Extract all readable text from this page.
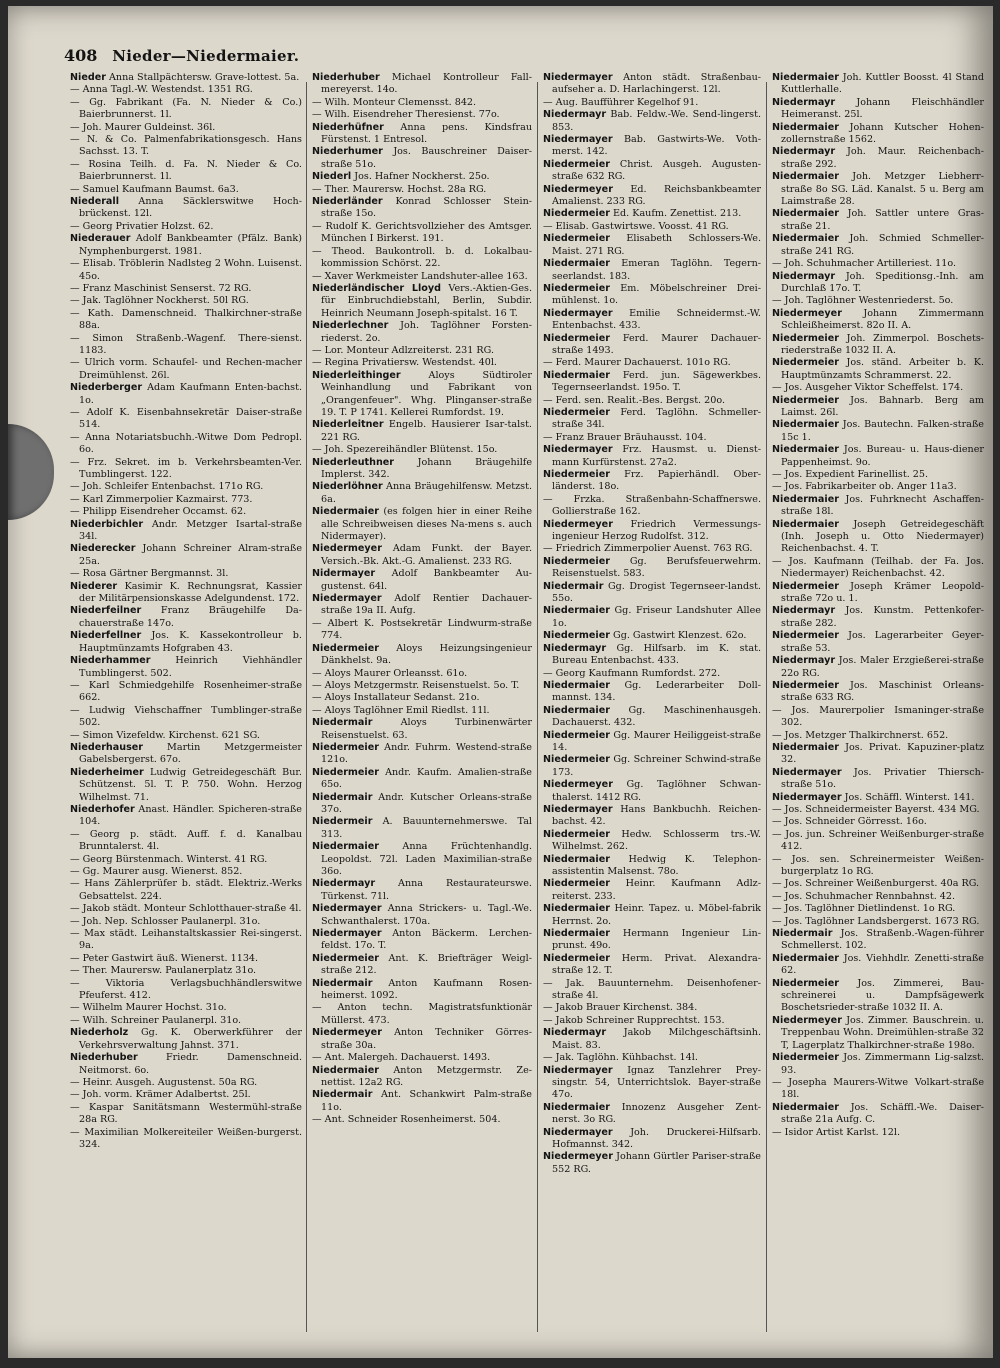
408 Nieder—Niedermaier.

Nieder Anna Stallpächtersw. Grave-lottest. 5a.

— Anna Tagl.-W. Westendst. 1351 RG.

— Gg. Fabrikant (Fa. N. Nieder & Co.) Baierbrunnerst. 1l.

— Joh. Maurer Guldeinst. 36l.

— N. & Co. Palmenfabrikationsgesch. Hans Sachsst. 13. T.

— Rosina Teilh. d. Fa. N. Nieder & Co. Baierbrunnerst. 1l.

— Samuel Kaufmann Baumst. 6a3.

Niederall Anna Säcklerswitwe Hoch-brückenst. 12l.

— Georg Privatier Holzst. 62.

Niederauer Adolf Bankbeamter (Pfälz. Bank) Nymphenburgerst. 1981.

— Elisab. Tröblerin Nadlsteg 2 Wohn. Luisenst. 45o.

— Franz Maschinist Senserst. 72 RG.

— Jak. Taglöhner Nockherst. 50l RG.

— Kath. Damenschneid. Thalkirchner-straße 88a.

— Simon Straßenb.-Wagenf. There-sienst. 1183.

— Ulrich vorm. Schaufel- und Rechen-macher Dreimühlenst. 26l.

Niederberger Adam Kaufmann Enten-bachst. 1o.

— Adolf K. Eisenbahnsekretär Daiser-straße 514.

— Anna Notariatsbuchh.-Witwe Dom Pedropl. 6o.

— Frz. Sekret. im b. Verkehrsbeamten-Ver. Tumblingerst. 122.

— Joh. Schleifer Entenbachst. 171o RG.

— Karl Zimmerpolier Kazmairst. 773.

— Philipp Eisendreher Occamst. 62.

Niederbichler Andr. Metzger Isartal-straße 34l.

Niederecker Johann Schreiner Alram-straße 25a.

— Rosa Gärtner Bergmannst. 3l.

Niederer Kasimir K. Rechnungsrat, Kassier der Militärpensionskasse Adelgundenst. 172.

Niederfeilner Franz Bräugehilfe Da-chauerstraße 147o.

Niederfellner Jos. K. Kassekontrolleur b. Hauptmünzamts Hofgraben 43.

Niederhammer	Heinrich Viehhändler Tumblingerst. 502.

— Karl Schmiedgehilfe Rosenheimer-straße 662.

— Ludwig Viehschaffner Tumblinger-straße 502.

— Simon Vizefeldw. Kirchenst. 621 SG.

Niederhauser	Martin Metzgermeister Gabelsbergerst. 67o.

Niederheimer Ludwig Getreidegeschäft Bur. Schützenst. 5l. T. P. 750. Wohn. Herzog Wilhelmst. 71.

Niederhofer Anast. Händler. Spicheren-straße 104.

— Georg p. städt. Auff. f. d. Kanalbau Brunntalerst. 4l.

— Georg Bürstenmach. Winterst. 41 RG.

— Gg. Maurer ausg. Wienerst. 852.

— Hans Zählerprüfer b. städt. Elektriz.-Werks Gebsattelst. 224.

— Jakob städt. Monteur Schlotthauer-straße 4l.

— Joh. Nep. Schlosser Paulanerpl. 31o.

— Max städt. Leihanstaltskassier Rei-singerst. 9a.

— Peter Gastwirt äuß. Wienerst. 1134.

— Ther. Maurersw. Paulanerplatz 31o.

— Viktoria Verlagsbuchhändlerswitwe Pfeuferst. 412.

— Wilhelm Maurer Hochst. 31o.

— Wilh. Schreiner Paulanerpl. 31o.

Niederholz Gg. K. Oberwerkführer der Verkehrsverwaltung Jahnst. 371.

Niederhuber	Friedr. Damenschneid. Neitmorst. 6o.

— Heinr. Ausgeh. Augustenst. 50a RG.

— Joh. vorm. Krämer Adalbertst. 25l.

— Kaspar Sanitätsmann Westermühl-straße 28a RG.

— Maximilian Molkereiteiler Weißen-burgerst. 324.

Niederhuber Michael Kontrolleur Fall-mereyerst. 14o.

— Wilh. Monteur Clemensst. 842.

— Wilh. Eisendreher Theresienst. 77o.

Niederhüfner Anna pens. Kindsfrau Fürstenst. 1 Entresol.

Niederhumer Jos. Bauschreiner Daiser-straße 51o.

Niederl Jos. Hafner Nockherst. 25o.

— Ther. Maurersw. Hochst. 28a RG.

Niederländer Konrad Schlosser Stein-straße 15o.

— Rudolf K. Gerichtsvollzieher des Amtsger. München I Birkerst. 191.

— Theod. Baukontroll. b. d. Lokalbau-kommission Schörst. 22.

— Xaver Werkmeister Landshuter-allee 163.

Niederländischer Lloyd Vers.-Aktien-Ges. für Einbruchdiebstahl, Berlin, Subdir. Heinrich Neumann Joseph-spitalst. 16 T.

Niederlechner Joh. Taglöhner Forsten-riederst. 2o.

— Lor. Monteur Adlzreiterst. 231 RG.

— Regina Privatiersw. Westendst. 40l.

Niederleithinger	Aloys Südtiroler Weinhandlung und Fabrikant von „Orangenfeuer". Whg. Plinganser-straße 19. T. P 1741. Kellerei Rumfordst. 19.

Niederleitner Engelb. Hausierer Isar-talst. 221 RG.

— Joh. Spezereihändler Blütenst. 15o.

Niederleuthner Johann Bräugehilfe Implerst. 342.

Niederlöhner Anna Bräugehilfensw. Metzst. 6a.

Niedermaier (es folgen hier in einer Reihe alle Schreibweisen dieses Na-mens s. auch Nidermayer).

Niedermeyer Adam Funkt. der Bayer. Versich.-Bk. Akt.-G. Amalienst. 233 RG.

Nidermayer Adolf Bankbeamter Au-gustenst. 64l.

Niedermayer Adolf Rentier Dachauer-straße 19a II. Aufg.

— Albert K. Postsekretär Lindwurm-straße 774.

Niedermeier Aloys Heizungsingenieur Dänkhelst. 9a.

— Aloys Maurer Orleansst. 61o.

— Aloys Metzgermstr. Reisenstuelst. 5o. T.

— Aloys Installateur Sedanst. 21o.

— Aloys Taglöhner Emil Riedlst. 11l.

Niedermair	Aloys Turbinenwärter Reisenstuelst. 63.

Niedermeier Andr. Fuhrm. Westend-straße 121o.

Niedermeier Andr. Kaufm. Amalien-straße 65o.

Niedermair Andr. Kutscher Orleans-straße 37o.

Niedermeir A. Bauunternehmerswe. Tal 313.

Niedermaier Anna Früchtenhandlg. Leopoldst. 72l. Laden Maximilian-straße 36o.

Niedermayr Anna Restaurateurswe. Türkenst. 71l.

Niedermayer Anna Strickers- u. Tagl.-We. Schwanthalerst. 170a.

Niedermayer Anton Bäckerm. Lerchen-feldst. 17o. T.

Niedermeier Ant. K. Briefträger Weigl-straße 212.

Niedermair Anton Kaufmann Rosen-heimerst. 1092.

— Anton techn. Magistratsfunktionär Müllerst. 473.

Niedermeyer Anton Techniker Görres-straße 30a.

— Ant. Malergeh. Dachauerst. 1493.

Niedermaier Anton Metzgermstr. Ze-nettist. 12a2 RG.

Niedermair Ant. Schankwirt Palm-straße 11o.

— Ant. Schneider Rosenheimerst. 504.

Niedermayer Anton städt. Straßenbau-aufseher a. D. Harlachingerst. 12l.

— Aug. Baufführer Kegelhof 91.

Niedermayr Bab. Feldw.-We. Send-lingerst. 853.

Niedermayer Bab. Gastwirts-We. Voth-merst. 142.

Niedermeier Christ. Ausgeh. Augusten-straße 632 RG.

Niedermeyer Ed. Reichsbankbeamter Amalienst. 233 RG.

Niedermeier Ed. Kaufm. Zenettist. 213.

— Elisab. Gastwirtswe. Voosst. 41 RG.

Niedermeier Elisabeth Schlossers-We. Maist. 271 RG.

Niedermaier Emeran Taglöhn. Tegern-seerlandst. 183.

Niedermeier Em. Möbelschreiner Drei-mühlenst. 1o.

Niedermayer Emilie Schneidermst.-W. Entenbachst. 433.

Niedermeier Ferd. Maurer Dachauer-straße 1493.

— Ferd. Maurer Dachauerst. 101o RG.

Niedermaier Ferd. jun. Sägewerkbes. Tegernseerlandst. 195o. T.

— Ferd. sen. Realit.-Bes. Bergst. 20o.

Niedermeier Ferd. Taglöhn. Schmeller-straße 34l.

— Franz Brauer Bräuhausst. 104.

Niedermayer Frz. Hausmst. u. Dienst-mann Kurfürstenst. 27a2.

Niedermeier Frz. Papierhändl. Ober-länderst. 18o.

— Frzka. Straßenbahn-Schaffnerswe. Gollierstraße 162.

Niedermeyer Friedrich Vermessungs-ingenieur Herzog Rudolfst. 312.

— Friedrich Zimmerpolier Auenst. 763 RG.

Niedermeier Gg. Berufsfeuerwehrm. Reisenstuelst. 583.

Niedermair Gg. Drogist Tegernseer-landst. 55o.

Niedermaier Gg. Friseur Landshuter Allee 1o.

Niedermeier Gg. Gastwirt Klenzest. 62o.

Niedermayr Gg. Hilfsarb. im K. stat. Bureau Entenbachst. 433.

— Georg Kaufmann Rumfordst. 272.

Niedermaier Gg. Lederarbeiter Doll-mannst. 134.

Niedermaier Gg. Maschinenhausgeh. Dachauerst. 432.

Niedermeier Gg. Maurer Heiliggeist-straße 14.

Niedermeier Gg. Schreiner Schwind-straße 173.

Niedermeyer Gg. Taglöhner Schwan-thalerst. 1412 RG.

Niedermayer Hans Bankbuchh. Reichen-bachst. 42.

Niedermeier Hedw. Schlosserm trs.-W. Wilhelmst. 262.

Niedermaier Hedwig K. Telephon-assistentin Malsenst. 78o.

Niedermeier Heinr. Kaufmann Adlz-reiterst. 233.

Niedermaier Heinr. Tapez. u. Möbel-fabrik Herrnst. 2o.

Niedermaier Hermann Ingenieur Lin-prunst. 49o.

Niedermeier Herm. Privat. Alexandra-straße 12. T.

— Jak. Bauunternehm. Deisenhofener-straße 4l.

— Jakob Brauer Kirchenst. 384.

— Jakob Schreiner Rupprechtst. 153.

Niedermayr Jakob Milchgeschäftsinh. Maist. 83.

— Jak. Taglöhn. Kühbachst. 14l.

Niedermayer Ignaz Tanzlehrer Prey-singstr. 54, Unterrichtslok. Bayer-straße 47o.

Niedermaier Innozenz Ausgeher Zent-nerst. 3o RG.

Niedermayer Joh. Druckerei-Hilfsarb. Hofmannst. 342.

Niedermeyer Johann Gürtler Pariser-straße 552 RG.

Niedermaier Joh. Kuttler Boosst. 4l Stand Kuttlerhalle.

Niedermayr Johann Fleischhändler Heimeranst. 25l.

Niedermaier Johann Kutscher Hohen-zollernstraße 1562.

Niedermayr Joh. Maur. Reichenbach-straße 292.

Niedermaier Joh. Metzger Liebherr-straße 8o SG. Läd. Kanalst. 5 u. Berg am Laimstraße 28.

Niedermaier Joh. Sattler untere Gras-straße 21.

Niedermaier Joh. Schmied Schmeller-straße 241 RG.

— Joh. Schuhmacher Artilleriest. 11o.

Niedermayr Joh. Speditionsg.-Inh. am Durchlaß 17o. T.

— Joh. Taglöhner Westenriederst. 5o.

Niedermeyer Johann Zimmermann Schleißheimerst. 82o II. A.

Niedermeier Joh. Zimmerpol. Boschets-riederstraße 1032 II. A.

Niedermeier Jos. ständ. Arbeiter b. K. Hauptmünzamts Schrammerst. 22.

— Jos. Ausgeher Viktor Scheffelst. 174.

Niedermeier Jos. Bahnarb. Berg am Laimst. 26l.

Niedermaier Jos. Bautechn. Falken-straße 15c 1.

Niedermaier Jos. Bureau- u. Haus-diener Pappenheimst. 9o.

— Jos. Expedient Farinellist. 25.

— Jos. Fabrikarbeiter ob. Anger 11a3.

Niedermaier Jos. Fuhrknecht Aschaffen-straße 18l.

Niedermaier Joseph Getreidegeschäft (Inh. Joseph u. Otto Niedermayer) Reichenbachst. 4. T.

— Jos. Kaufmann (Teilhab. der Fa. Jos. Niedermayer) Reichenbachst. 42.

Niedermeier Joseph Krämer Leopold-straße 72o u. 1.

Niedermayr Jos. Kunstm. Pettenkofer-straße 282.

Niedermeier Jos. Lagerarbeiter Geyer-straße 53.

Niedermayr Jos. Maler Erzgießerei-straße 22o RG.

Niedermeier Jos. Maschinist Orleans-straße 633 RG.

— Jos. Maurerpolier Ismaninger-straße 302.

— Jos. Metzger Thalkirchnerst. 652.

Niedermaier Jos. Privat. Kapuziner-platz 32.

Niedermayer Jos. Privatier Thiersch-straße 51o.

Niedermayer Jos. Schäffl. Winterst. 141.

— Jos. Schneidermeister Bayerst. 434 MG.

— Jos. Schneider Görresst. 16o.

— Jos. jun. Schreiner Weißenburger-straße 412.

— Jos. sen. Schreinermeister Weißen-burgerplatz 1o RG.

— Jos. Schreiner Weißenburgerst. 40a RG.

— Jos. Schuhmacher Rennbahnst. 42.

— Jos. Taglöhner Dietlindenst. 1o RG.

— Jos. Taglöhner Landsbergerst. 1673 RG.

Niedermair Jos. Straßenb.-Wagen-führer Schmellerst. 102.

Niedermaier Jos. Viehhdlr. Zenetti-straße 62.

Niedermeier Jos. Zimmerei, Bau-schreinerei u. Dampfsägewerk Boschetsrieder-straße 1032 II. A.

Niedermeyer Jos. Zimmer. Bauschrein. u. Treppenbau Wohn. Dreimühlen-straße 32 T, Lagerplatz Thalkirchner-straße 198o.

Niedermeier Jos. Zimmermann Lig-salzst. 93.

— Josepha Maurers-Witwe Volkart-straße 18l.

Niedermaier Jos. Schäffl.-We. Daiser-straße 21a Aufg. C.

— Isidor Artist Karlst. 12l.
